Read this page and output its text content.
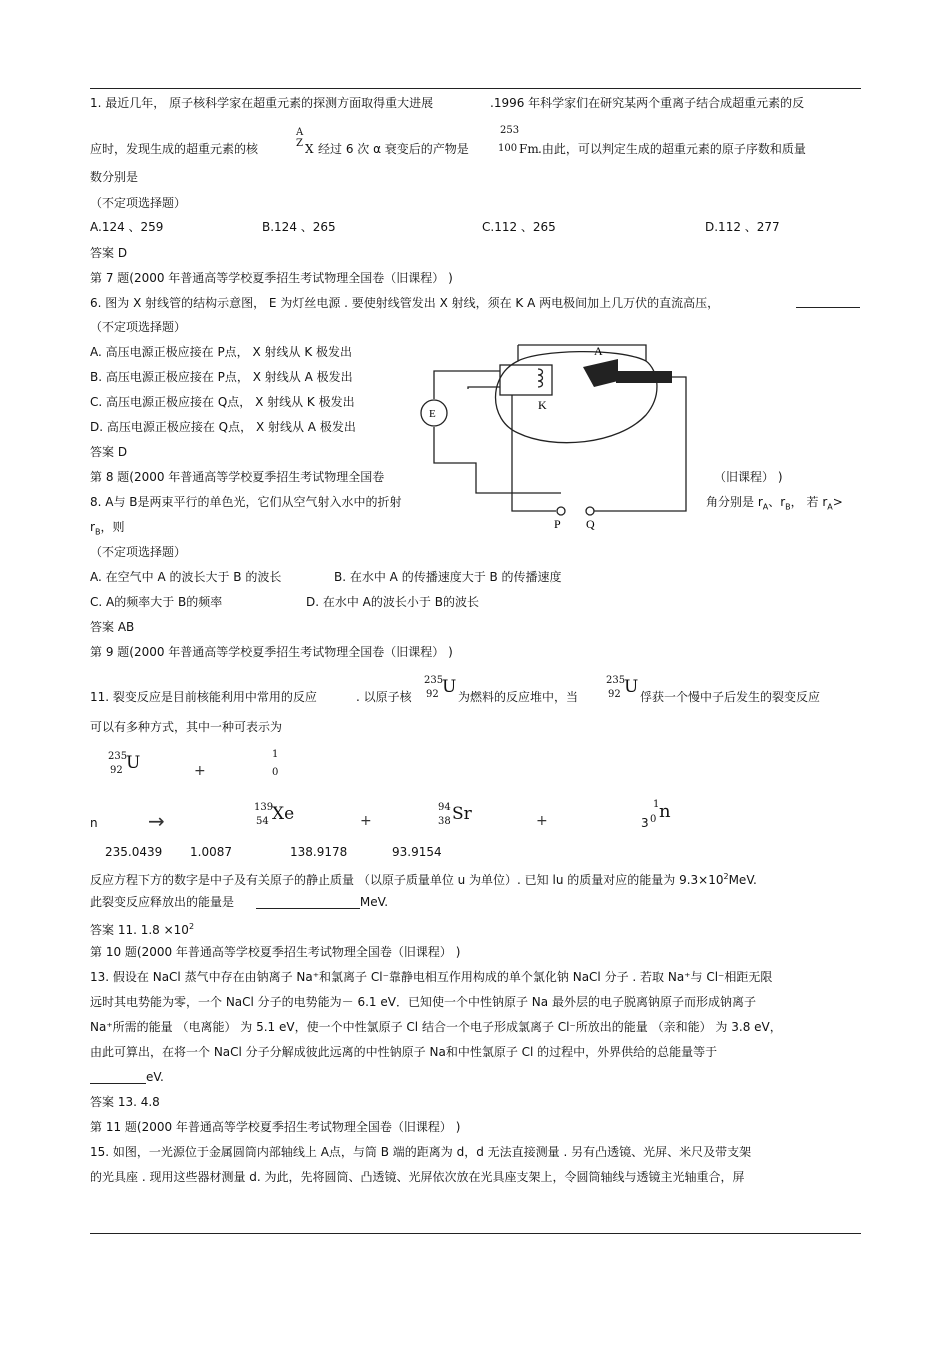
1. 最近几年， 原子核科学家在超重元素的探测方面取得重大进展	.1996 年科学家们在研究某两个重离子结合成超重元素的反
应时，发现生成的超重元素的核
A
Z X 经过 6 次 α 衰变后的产物是
253
100 Fm .由此，可以判定生成的超重元素的原子序数和质量
数分别是
（不定项选择题）
A.124 、259	B.124 、265	C.112 、265	D.112 、277
答案 D
第 7 题(2000 年普通高等学校夏季招生考试物理全国卷（旧课程） )
6. 图为 X 射线管的结构示意图， E 为灯丝电源 . 要使射线管发出 X 射线，须在 K A 两电极间加上几万伏的直流高压，
（不定项选择题）
A. 高压电源正极应接在 P点， X 射线从 K 极发出
B. 高压电源正极应接在 P点， X 射线从 A 极发出
C. 高压电源正极应接在 Q点， X 射线从 K 极发出
D. 高压电源正极应接在 Q点， X 射线从 A 极发出
答案 D
A
K
E
P Q
第 8 题(2000 年普通高等学校夏季招生考试物理全国卷	（旧课程） )
8. A与 B是两束平行的单色光，它们从空气射入水中的折射	角分别是 $r_A$、$r_B$， 若 $r_A>$
$r_B$，则
（不定项选择题）
A. 在空气中 A 的波长大于 B 的波长	B. 在水中 A 的传播速度大于 B 的传播速度
C. A的频率大于 B的频率	D. 在水中 A的波长小于 B的波长
答案 AB
第 9 题(2000 年普通高等学校夏季招生考试物理全国卷（旧课程） )
11. 裂变反应是目前核能利用中常用的反应	. 以原子核
235
92 U 为燃料的反应堆中，当
235
92 U 俘获一个慢中子后发生的裂变反应
可以有多种方式，其中一种可表示为
235
92 U	+
1
0
n	→
139
54 Xe	+
94
38 Sr	+	3
1
0 n
235.0439 1.0087	138.9178	93.9154
反应方程下方的数字是中子及有关原子的静止质量 （以原子质量单位 u 为单位）. 已知 lu 的质量对应的能量为 $9.3\times 10^2MeV$.
此裂变反应释放出的能量是	MeV.
答案 11. $1.8 \times 10^2$
第 10 题(2000 年普通高等学校夏季招生考试物理全国卷（旧课程） )
13. 假设在 NaCl 蒸气中存在由钠离子 Na⁺和氯离子 Cl⁻靠静电相互作用构成的单个氯化钠 NaCl 分子 . 若取 Na⁺与 Cl⁻相距无限
远时其电势能为零，一个 NaCl 分子的电势能为－ 6.1 eV．已知使一个中性钠原子 Na 最外层的电子脱离钠原子而形成钠离子
Na⁺所需的能量 （电离能） 为 5.1 eV，使一个中性氯原子 Cl 结合一个电子形成氯离子 Cl⁻所放出的能量 （亲和能） 为 3.8 eV，
由此可算出，在将一个 NaCl 分子分解成彼此远离的中性钠原子 Na和中性氯原子 Cl 的过程中，外界供给的总能量等于
eV.
答案 13. 4.8
第 11 题(2000 年普通高等学校夏季招生考试物理全国卷（旧课程） )
15. 如图，一光源位于金属圆筒内部轴线上 A点，与筒 B 端的距离为 d，d 无法直接测量 . 另有凸透镜、光屏、米尺及带支架
的光具座 . 现用这些器材测量 d. 为此，先将圆筒、凸透镜、光屏依次放在光具座支架上，令圆筒轴线与透镜主光轴重合，屏
